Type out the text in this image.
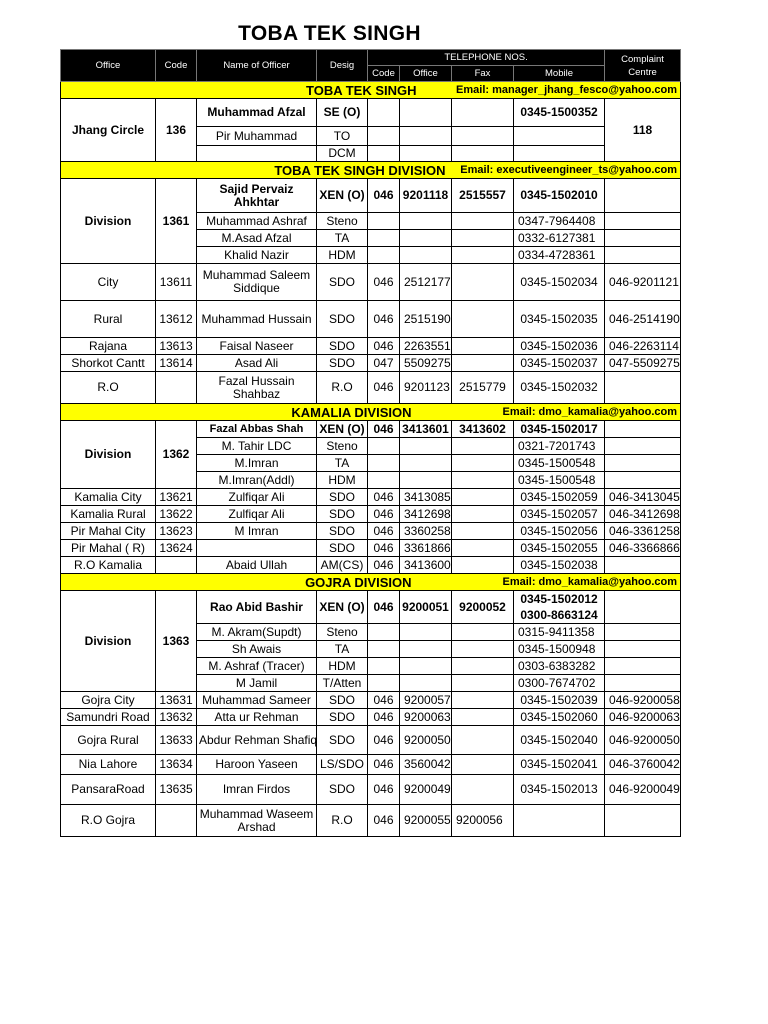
TOBA TEK SINGH
Office	Code	Name of Officer	Desig	TELEPHONE NOS.				Complaint Centre
				Code	Office	Fax	Mobile	

TOBA TEK SINGH					Email: manager_jhang_fesco@yahoo.com			
Jhang Circle	136	Muhammad Afzal	SE (O)				0345-1500352	118
		Pir Muhammad	TO					
			DCM					
TOBA TEK SINGH DIVISION						Email: executiveengineer_ts@yahoo.com		
Division	1361	Sajid Pervaiz Ahkhtar	XEN (O)	046	9201118	2515557	0345-1502010	
		Muhammad Ashraf	Steno				0347-7964408	
		M.Asad Afzal	TA				0332-6127381	
		Khalid Nazir	HDM				0334-4728361	
City	13611	Muhammad Saleem Siddique	SDO	046	2512177		0345-1502034	046-9201121
Rural	13612	Muhammad Hussain	SDO	046	2515190		0345-1502035	046-2514190
Rajana	13613	Faisal Naseer	SDO	046	2263551		0345-1502036	046-2263114
Shorkot Cantt	13614	Asad Ali	SDO	047	5509275		0345-1502037	047-5509275
R.O		Fazal Hussain Shahbaz	R.O	046	9201123	2515779	0345-1502032	
KAMALIA DIVISION						Email: dmo_kamalia@yahoo.com		
Division	1362	Fazal Abbas Shah	XEN (O)	046	3413601	3413602	0345-1502017	
		M. Tahir LDC	Steno				0321-7201743	
		M.Imran	TA				0345-1500548	
		M.Imran(Addl)	HDM				0345-1500548	
Kamalia City	13621	Zulfiqar Ali	SDO	046	3413085		0345-1502059	046-3413045
Kamalia Rural	13622	Zulfiqar Ali	SDO	046	3412698		0345-1502057	046-3412698
Pir Mahal City	13623	M Imran	SDO	046	3360258		0345-1502056	046-3361258
Pir Mahal ( R)	13624		SDO	046	3361866		0345-1502055	046-3366866
R.O Kamalia		Abaid Ullah	AM(CS)	046	3413600		0345-1502038	
GOJRA DIVISION						Email: dmo_kamalia@yahoo.com		
Division	1363	Rao Abid Bashir	XEN (O)	046	9200051	9200052	0345-1502012
0300-8663124	
		M. Akram(Supdt)	Steno				0315-9411358	
		Sh Awais	TA				0345-1500948	
		M. Ashraf (Tracer)	HDM				0303-6383282	
		M Jamil	T/Atten				0300-7674702	
Gojra City	13631	Muhammad Sameer	SDO	046	9200057		0345-1502039	046-9200058
Samundri Road	13632	Atta ur Rehman	SDO	046	9200063		0345-1502060	046-9200063
Gojra Rural	13633	Abdur Rehman Shafiq	SDO	046	9200050		0345-1502040	046-9200050
Nia Lahore	13634	Haroon Yaseen	LS/SDO	046	3560042		0345-1502041	046-3760042
PansaraRoad	13635	Imran Firdos	SDO	046	9200049		0345-1502013	046-9200049
R.O Gojra		Muhammad Waseem Arshad	R.O	046	9200055	9200056		
